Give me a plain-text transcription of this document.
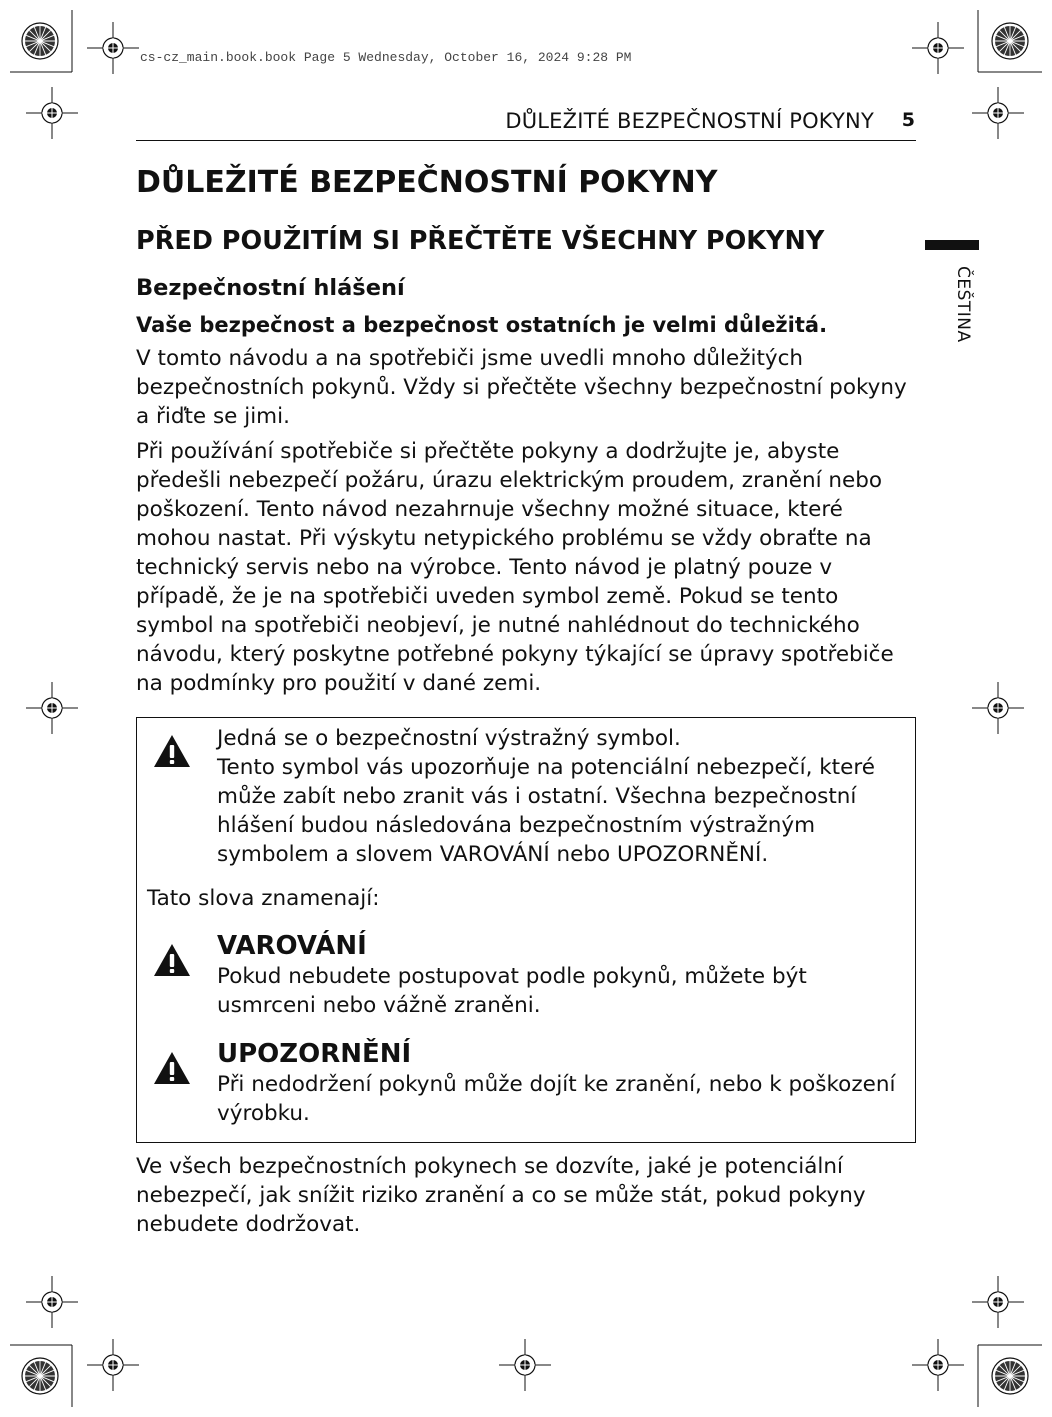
cs-cz_main.book.book Page 5 Wednesday, October 16, 2024 9:28 PM
DŮLEŽITÉ BEZPEČNOSTNÍ POKYNY 5
ČEŠTINA
DŮLEŽITÉ BEZPEČNOSTNÍ POKYNY
PŘED POUŽITÍM SI PŘEČTĚTE VŠECHNY POKYNY
Bezpečnostní hlášení
Vaše bezpečnost a bezpečnost ostatních je velmi důležitá.

V tomto návodu a na spotřebiči jsme uvedli mnoho důležitých bezpečnostních pokynů. Vždy si přečtěte všechny bezpečnostní pokyny a řiďte se jimi.

Při používání spotřebiče si přečtěte pokyny a dodržujte je, abyste předešli nebezpečí požáru, úrazu elektrickým proudem, zranění nebo poškození. Tento návod nezahrnuje všechny možné situace, které mohou nastat. Při výskytu netypického problému se vždy obraťte na technický servis nebo na výrobce. Tento návod je platný pouze v případě, že je na spotřebiči uveden symbol země. Pokud se tento symbol na spotřebiči neobjeví, je nutné nahlédnout do technického návodu, který poskytne potřebné pokyny týkající se úpravy spotřebiče na podmínky pro použití v dané zemi.

Jedná se o bezpečnostní výstražný symbol.

Tento symbol vás upozorňuje na potenciální nebezpečí, které může zabít nebo zranit vás i ostatní. Všechna bezpečnostní hlášení budou následována bezpečnostním výstražným symbolem a slovem VAROVÁNÍ nebo UPOZORNĚNÍ.

Tato slova znamenají:
VAROVÁNÍ

Pokud nebudete postupovat podle pokynů, můžete být usmrceni nebo vážně zraněni.

UPOZORNĚNÍ

Při nedodržení pokynů může dojít ke zranění, nebo k poškození výrobku.

Ve všech bezpečnostních pokynech se dozvíte, jaké je potenciální nebezpečí, jak snížit riziko zranění a co se může stát, pokud pokyny nebudete dodržovat.
